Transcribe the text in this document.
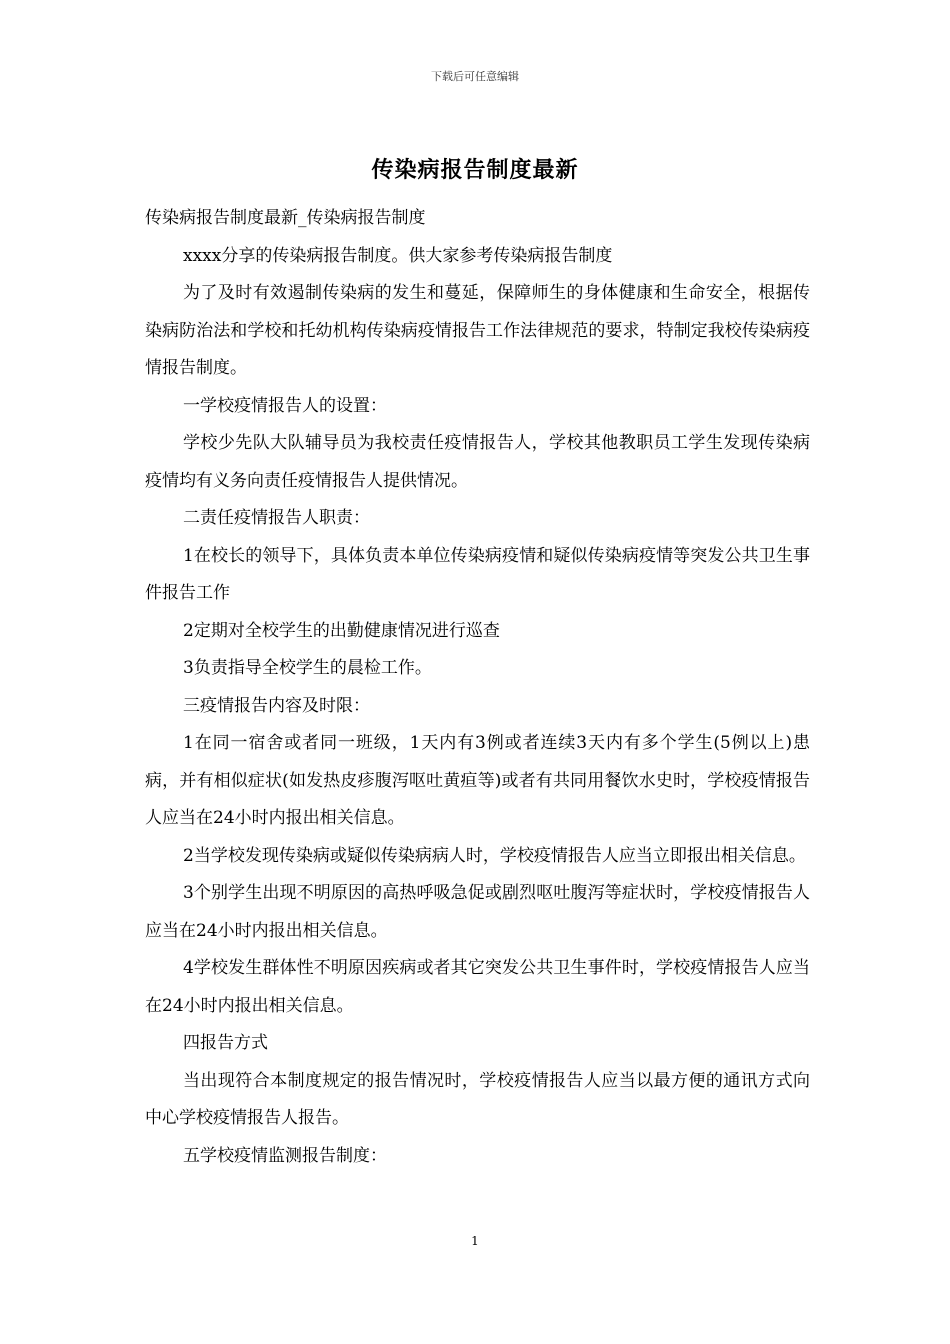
下载后可任意编辑
传染病报告制度最新

传染病报告制度最新_传染病报告制度

xxxx分享的传染病报告制度。供大家参考传染病报告制度

为了及时有效遏制传染病的发生和蔓延，保障师生的身体健康和生命安全，根据传染病防治法和学校和托幼机构传染病疫情报告工作法律规范的要求，特制定我校传染病疫情报告制度。

一学校疫情报告人的设置：

学校少先队大队辅导员为我校责任疫情报告人，学校其他教职员工学生发现传染病疫情均有义务向责任疫情报告人提供情况。

二责任疫情报告人职责：

1在校长的领导下，具体负责本单位传染病疫情和疑似传染病疫情等突发公共卫生事件报告工作

2定期对全校学生的出勤健康情况进行巡查

3负责指导全校学生的晨检工作。

三疫情报告内容及时限：

1在同一宿舍或者同一班级，1天内有3例或者连续3天内有多个学生(5例以上)患病，并有相似症状(如发热皮疹腹泻呕吐黄疸等)或者有共同用餐饮水史时，学校疫情报告人应当在24小时内报出相关信息。

2当学校发现传染病或疑似传染病病人时，学校疫情报告人应当立即报出相关信息。

3个别学生出现不明原因的高热呼吸急促或剧烈呕吐腹泻等症状时，学校疫情报告人应当在24小时内报出相关信息。

4学校发生群体性不明原因疾病或者其它突发公共卫生事件时，学校疫情报告人应当在24小时内报出相关信息。

四报告方式

当出现符合本制度规定的报告情况时，学校疫情报告人应当以最方便的通讯方式向中心学校疫情报告人报告。

五学校疫情监测报告制度：

1
